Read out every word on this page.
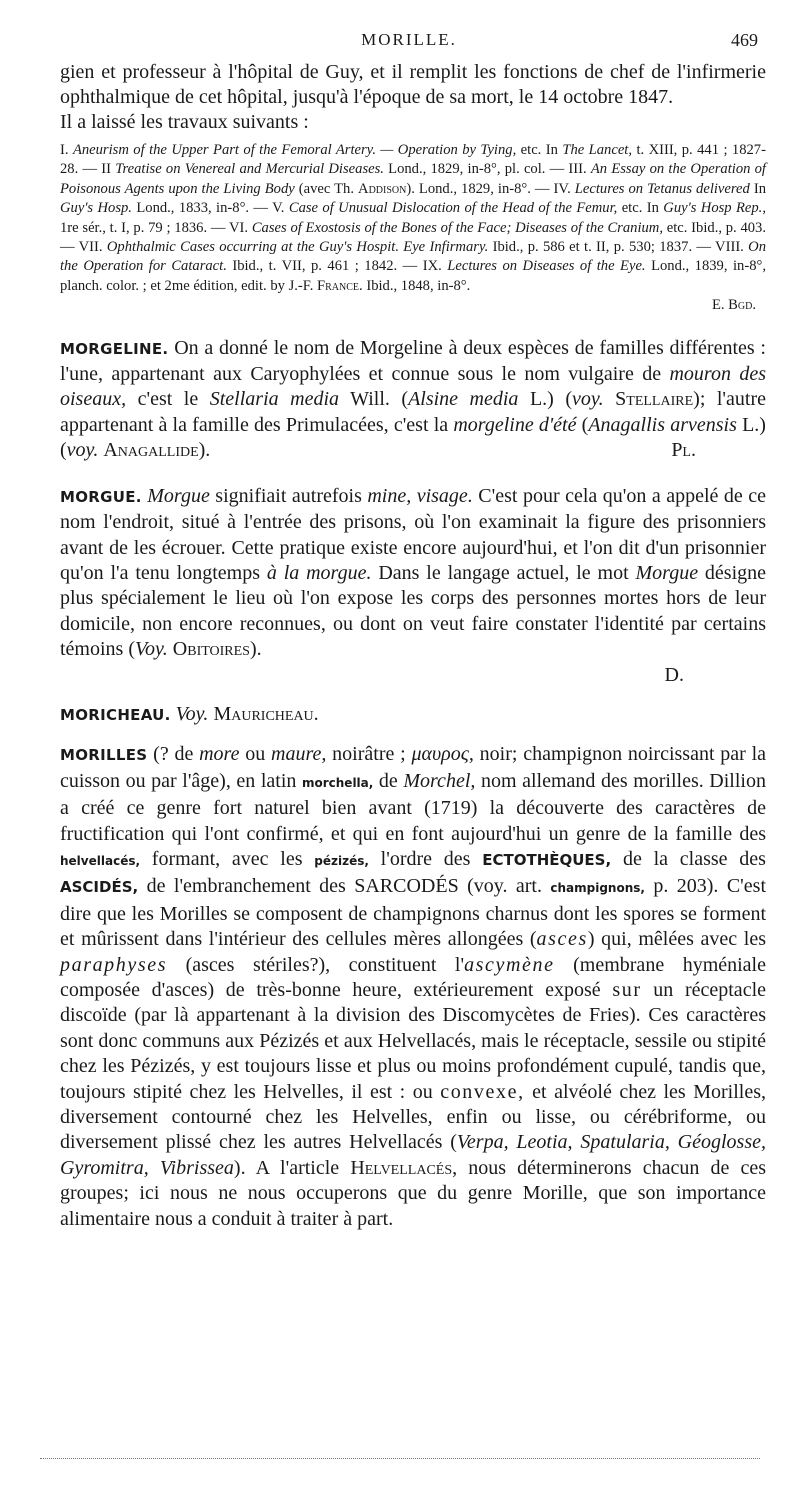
MORILLE.	469

gien et professeur à l'hôpital de Guy, et il remplit les fonctions de chef de l'infirmerie ophthalmique de cet hôpital, jusqu'à l'époque de sa mort, le 14 octobre 1847.

Il a laissé les travaux suivants :

I. Aneurism of the Upper Part of the Femoral Artery. — Operation by Tying, etc. In The Lancet, t. XIII, p. 441 ; 1827-28. — II Treatise on Venereal and Mercurial Diseases. Lond., 1829, in-8°, pl. col. — III. An Essay on the Operation of Poisonous Agents upon the Living Body (avec Th. Addison). Lond., 1829, in-8°. — IV. Lectures on Tetanus delivered In Guy's Hosp. Lond., 1833, in-8°. — V. Case of Unusual Dislocation of the Head of the Femur, etc. In Guy's Hosp Rep., 1re sér., t. I, p. 79 ; 1836. — VI. Cases of Exostosis of the Bones of the Face; Diseases of the Cranium, etc. Ibid., p. 403. — VII. Ophthalmic Cases occurring at the Guy's Hospit. Eye Infirmary. Ibid., p. 586 et t. II, p. 530; 1837. — VIII. On the Operation for Cataract. Ibid., t. VII, p. 461 ; 1842. — IX. Lectures on Diseases of the Eye. Lond., 1839, in-8°, planch. color. ; et 2me édition, edit. by J.-F. France. Ibid., 1848, in-8°.

E. Bgd.

MORGELINE. On a donné le nom de Morgeline à deux espèces de familles différentes : l'une, appartenant aux Caryophylées et connue sous le nom vulgaire de mouron des oiseaux, c'est le Stellaria media Will. (Alsine media L.) (voy. Stellaire); l'autre appartenant à la famille des Primulacées, c'est la morgeline d'été (Anagallis arvensis L.) (voy. Anagallide).	Pl.

MORGUE. Morgue signifiait autrefois mine, visage. C'est pour cela qu'on a appelé de ce nom l'endroit, situé à l'entrée des prisons, où l'on examinait la figure des prisonniers avant de les écrouer. Cette pratique existe encore aujourd'hui, et l'on dit d'un prisonnier qu'on l'a tenu longtemps à la morgue. Dans le langage actuel, le mot Morgue désigne plus spécialement le lieu où l'on expose les corps des personnes mortes hors de leur domicile, non encore reconnues, ou dont on veut faire constater l'identité par certains témoins (Voy. Obitoires).

D.

MORICHEAU. Voy. Mauricheau.

MORILLES (? de more ou maure, noirâtre ; μαυρος, noir; champignon noircissant par la cuisson ou par l'âge), en latin morchella, de Morchel, nom allemand des morilles. Dillion a créé ce genre fort naturel bien avant (1719) la découverte des caractères de fructification qui l'ont confirmé, et qui en font aujourd'hui un genre de la famille des helvellacés, formant, avec les pézizés, l'ordre des ECTOTHÈQUES, de la classe des ASCIDÉS, de l'embranchement des SARCODÉS (voy. art. champignons, p. 203). C'est dire que les Morilles se composent de champignons charnus dont les spores se forment et mûrissent dans l'intérieur des cellules mères allongées (asces) qui, mêlées avec les paraphyses (asces stériles?), constituent l'ascymène (membrane hyméniale composée d'asces) de très-bonne heure, extérieurement exposé sur un réceptacle discoïde (par là appartenant à la division des Discomycètes de Fries). Ces caractères sont donc communs aux Pézizés et aux Helvellacés, mais le réceptacle, sessile ou stipité chez les Pézizés, y est toujours lisse et plus ou moins profondément cupulé, tandis que, toujours stipité chez les Helvelles, il est : ou convexe, et alvéolé chez les Morilles, diversement contourné chez les Helvelles, enfin ou lisse, ou cérébriforme, ou diversement plissé chez les autres Helvellacés (Verpa, Leotia, Spatularia, Géoglosse, Gyromitra, Vibrissea). A l'article Helvellacés, nous déterminerons chacun de ces groupes; ici nous ne nous occuperons que du genre Morille, que son importance alimentaire nous a conduit à traiter à part.
